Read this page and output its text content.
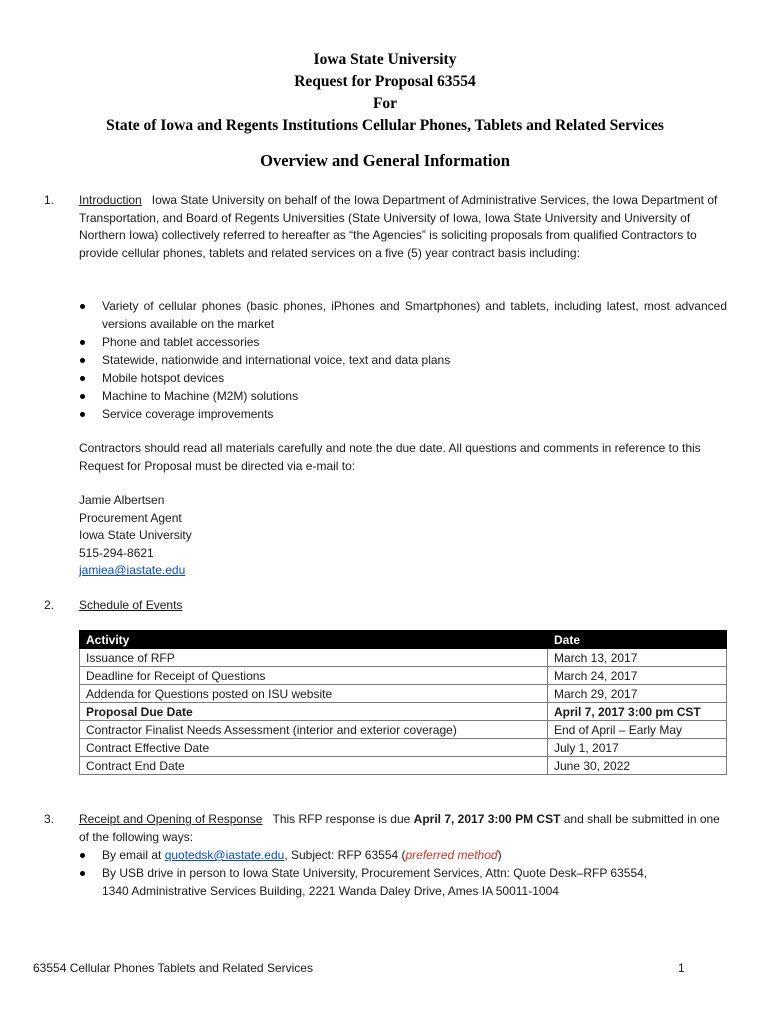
Iowa State University
Request for Proposal 63554
For
State of Iowa and Regents Institutions Cellular Phones, Tablets and Related Services
Overview and General Information
1. Introduction Iowa State University on behalf of the Iowa Department of Administrative Services, the Iowa Department of Transportation, and Board of Regents Universities (State University of Iowa, Iowa State University and University of Northern Iowa) collectively referred to hereafter as “the Agencies” is soliciting proposals from qualified Contractors to provide cellular phones, tablets and related services on a five (5) year contract basis including:
Variety of cellular phones (basic phones, iPhones and Smartphones) and tablets, including latest, most advanced versions available on the market
Phone and tablet accessories
Statewide, nationwide and international voice, text and data plans
Mobile hotspot devices
Machine to Machine (M2M) solutions
Service coverage improvements
Contractors should read all materials carefully and note the due date. All questions and comments in reference to this Request for Proposal must be directed via e-mail to:
Jamie Albertsen
Procurement Agent
Iowa State University
515-294-8621
jamiea@iastate.edu
2. Schedule of Events
Activity	Date
Issuance of RFP	March 13, 2017
Deadline for Receipt of Questions	March 24, 2017
Addenda for Questions posted on ISU website	March 29, 2017
Proposal Due Date	April 7, 2017 3:00 pm CST
Contractor Finalist Needs Assessment (interior and exterior coverage)	End of April – Early May
Contract Effective Date	July 1, 2017
Contract End Date	June 30, 2022
3. Receipt and Opening of Response This RFP response is due April 7, 2017 3:00 PM CST and shall be submitted in one of the following ways:
By email at quotedsk@iastate.edu, Subject: RFP 63554 (preferred method)
By USB drive in person to Iowa State University, Procurement Services, Attn: Quote Desk–RFP 63554,
1340 Administrative Services Building, 2221 Wanda Daley Drive, Ames IA 50011-1004
63554 Cellular Phones Tablets and Related Services	1
